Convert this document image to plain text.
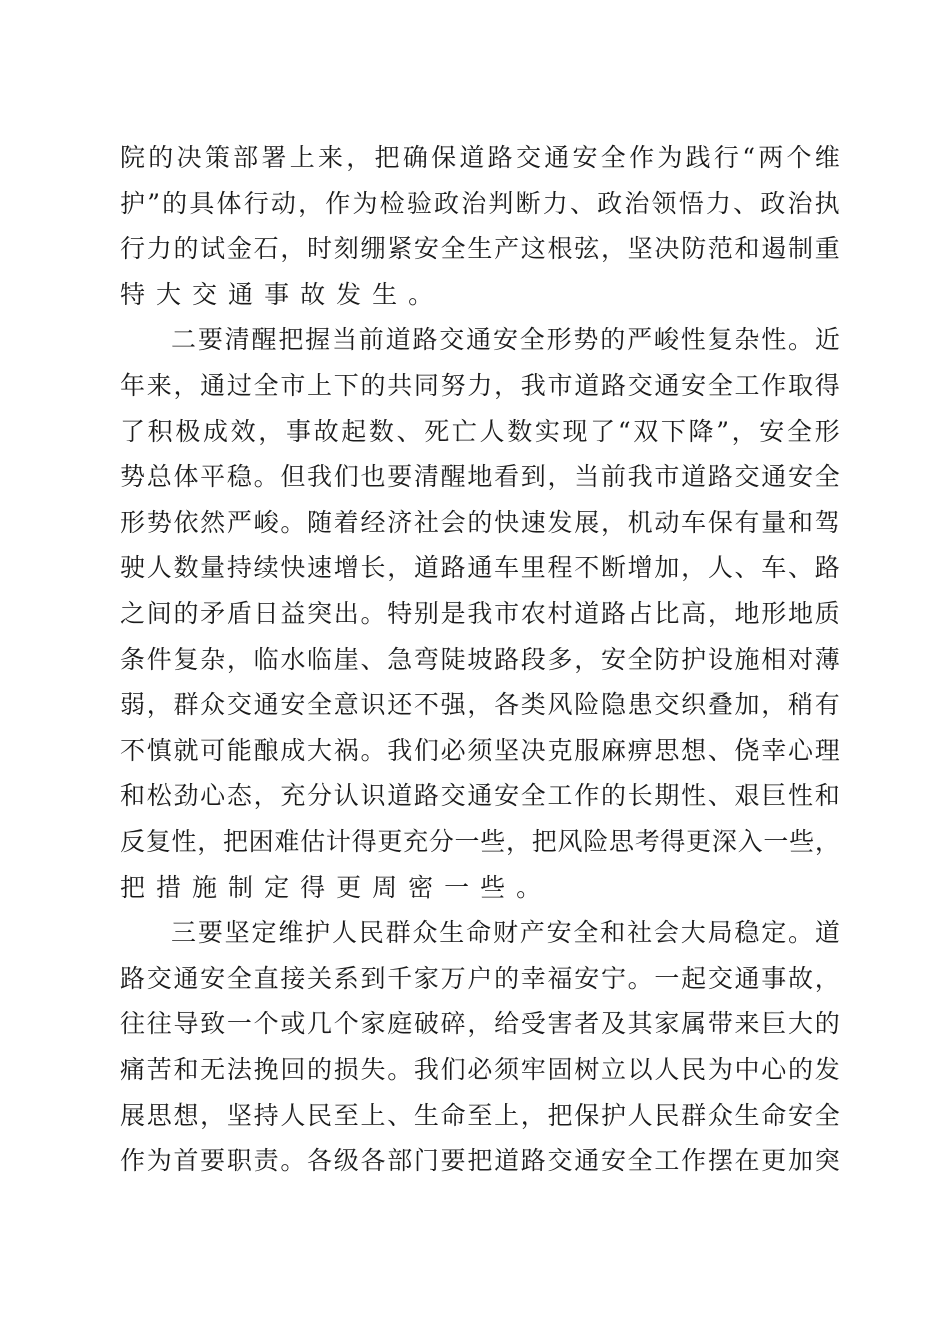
院 的 决 策 部 署 上 来 ， 把 确 保 道 路 交 通 安 全 作 为 践 行 “ 两 个 维
护 ” 的 具 体 行 动 ， 作 为 检 验 政 治 判 断 力 、 政 治 领 悟 力 、 政 治 执
行 力 的 试 金 石 ， 时 刻 绷 紧 安 全 生 产 这 根 弦 ， 坚 决 防 范 和 遏 制 重
特 大 交 通 事 故 发 生 。
二 要 清 醒 把 握 当 前 道 路 交 通 安 全 形 势 的 严 峻 性 复 杂 性 。 近
年 来 ， 通 过 全 市 上 下 的 共 同 努 力 ， 我 市 道 路 交 通 安 全 工 作 取 得
了 积 极 成 效 ， 事 故 起 数 、 死 亡 人 数 实 现 了 “ 双 下 降 ” ， 安 全 形
势 总 体 平 稳 。 但 我 们 也 要 清 醒 地 看 到 ， 当 前 我 市 道 路 交 通 安 全
形 势 依 然 严 峻 。 随 着 经 济 社 会 的 快 速 发 展 ， 机 动 车 保 有 量 和 驾
驶 人 数 量 持 续 快 速 增 长 ， 道 路 通 车 里 程 不 断 增 加 ， 人 、 车 、 路
之 间 的 矛 盾 日 益 突 出 。 特 别 是 我 市 农 村 道 路 占 比 高 ， 地 形 地 质
条 件 复 杂 ， 临 水 临 崖 、 急 弯 陡 坡 路 段 多 ， 安 全 防 护 设 施 相 对 薄
弱 ， 群 众 交 通 安 全 意 识 还 不 强 ， 各 类 风 险 隐 患 交 织 叠 加 ， 稍 有
不 慎 就 可 能 酿 成 大 祸 。 我 们 必 须 坚 决 克 服 麻 痹 思 想 、 侥 幸 心 理
和 松 劲 心 态 ， 充 分 认 识 道 路 交 通 安 全 工 作 的 长 期 性 、 艰 巨 性 和
反 复 性 ， 把 困 难 估 计 得 更 充 分 一 些 ， 把 风 险 思 考 得 更 深 入 一 些 ，
把 措 施 制 定 得 更 周 密 一 些 。
三 要 坚 定 维 护 人 民 群 众 生 命 财 产 安 全 和 社 会 大 局 稳 定 。 道
路 交 通 安 全 直 接 关 系 到 千 家 万 户 的 幸 福 安 宁 。 一 起 交 通 事 故 ，
往 往 导 致 一 个 或 几 个 家 庭 破 碎 ， 给 受 害 者 及 其 家 属 带 来 巨 大 的
痛 苦 和 无 法 挽 回 的 损 失 。 我 们 必 须 牢 固 树 立 以 人 民 为 中 心 的 发
展 思 想 ， 坚 持 人 民 至 上 、 生 命 至 上 ， 把 保 护 人 民 群 众 生 命 安 全
作 为 首 要 职 责 。 各 级 各 部 门 要 把 道 路 交 通 安 全 工 作 摆 在 更 加 突
